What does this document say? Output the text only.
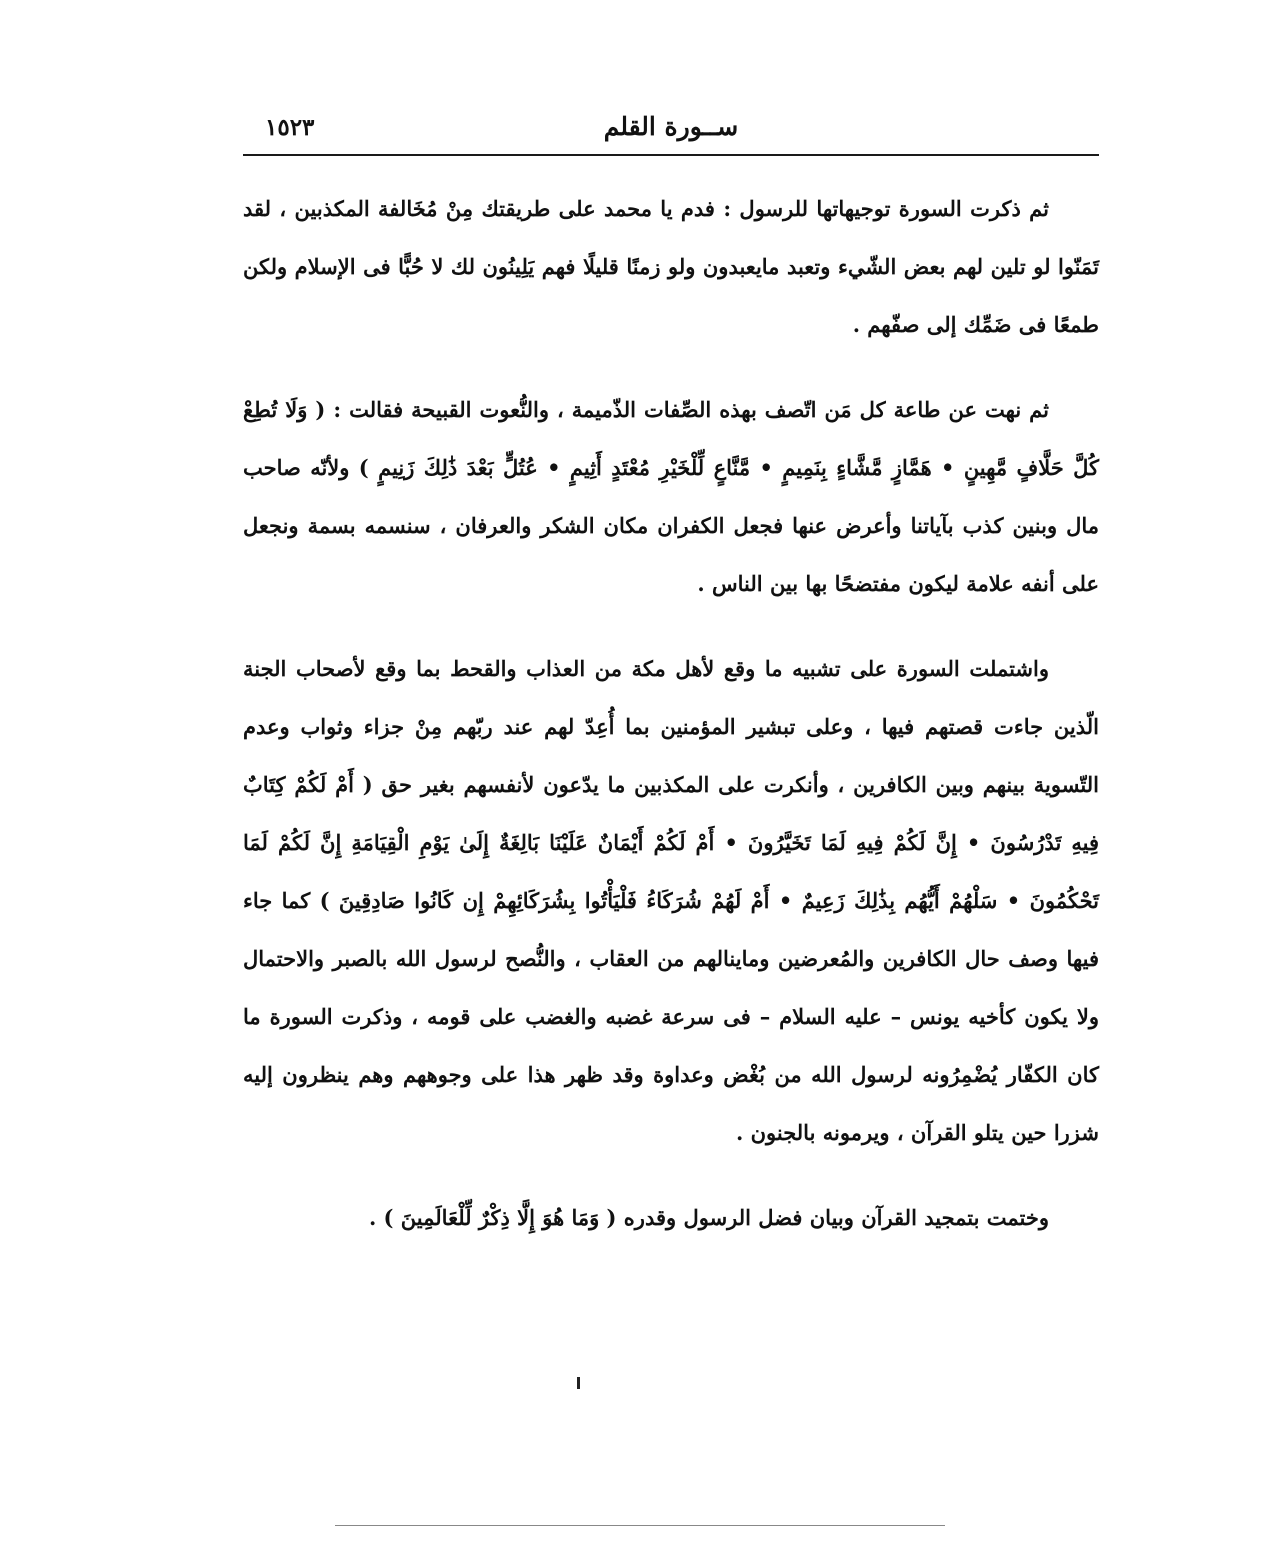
ســورة القلم
١٥٢٣

ثم ذكرت السورة توجيهاتها للرسول : فدم يا محمد على طريقتك مِنْ مُخَالفة المكذبين ، لقد تَمَنّوا لو تلين لهم بعض الشّيء وتعبد مايعبدون ولو زمنًا قليلًا فهم يَلِينُون لك لا حُبًّا فى الإسلام ولكن طمعًا فى ضَمِّك إلى صفّهم .

ثم نهت عن طاعة كل مَن اتّصف بهذه الصِّفات الذّميمة ، والنُّعوت القبيحة فقالت : ( وَلَا تُطِعْ كُلَّ حَلَّافٍ مَّهِينٍ • هَمَّازٍ مَّشَّاءٍ بِنَمِيمٍ • مَّنَّاعٍ لِّلْخَيْرِ مُعْتَدٍ أَثِيمٍ • عُتُلٍّ بَعْدَ ذَٰلِكَ زَنِيمٍ ) ولأنّه صاحب مال وبنين كذب بآياتنا وأعرض عنها فجعل الكفران مكان الشكر والعرفان ، سنسمه بسمة ونجعل على أنفه علامة ليكون مفتضحًا بها بين الناس .

واشتملت السورة على تشبيه ما وقع لأهل مكة من العذاب والقحط بما وقع لأصحاب الجنة الّذين جاءت قصتهم فيها ، وعلى تبشير المؤمنين بما أُعِدّ لهم عند ربّهم مِنْ جزاء وثواب وعدم التّسوية بينهم وبين الكافرين ، وأنكرت على المكذبين ما يدّعون لأنفسهم بغير حق ( أَمْ لَكُمْ كِتَابٌ فِيهِ تَدْرُسُونَ • إِنَّ لَكُمْ فِيهِ لَمَا تَخَيَّرُونَ • أَمْ لَكُمْ أَيْمَانٌ عَلَيْنَا بَالِغَةٌ إِلَىٰ يَوْمِ الْقِيَامَةِ إِنَّ لَكُمْ لَمَا تَحْكُمُونَ • سَلْهُمْ أَيُّهُم بِذَٰلِكَ زَعِيمٌ • أَمْ لَهُمْ شُرَكَاءُ فَلْيَأْتُوا بِشُرَكَائِهِمْ إِن كَانُوا صَادِقِينَ ) كما جاء فيها وصف حال الكافرين والمُعرضين وماينالهم من العقاب ، والنُّصح لرسول الله بالصبر والاحتمال ولا يكون كأخيه يونس – عليه السلام – فى سرعة غضبه والغضب على قومه ، وذكرت السورة ما كان الكفّار يُضْمِرُونه لرسول الله من بُغْض وعداوة وقد ظهر هذا على وجوههم وهم ينظرون إليه شزرا حين يتلو القرآن ، ويرمونه بالجنون .

وختمت بتمجيد القرآن وبيان فضل الرسول وقدره ( وَمَا هُوَ إِلَّا ذِكْرٌ لِّلْعَالَمِينَ ) .
